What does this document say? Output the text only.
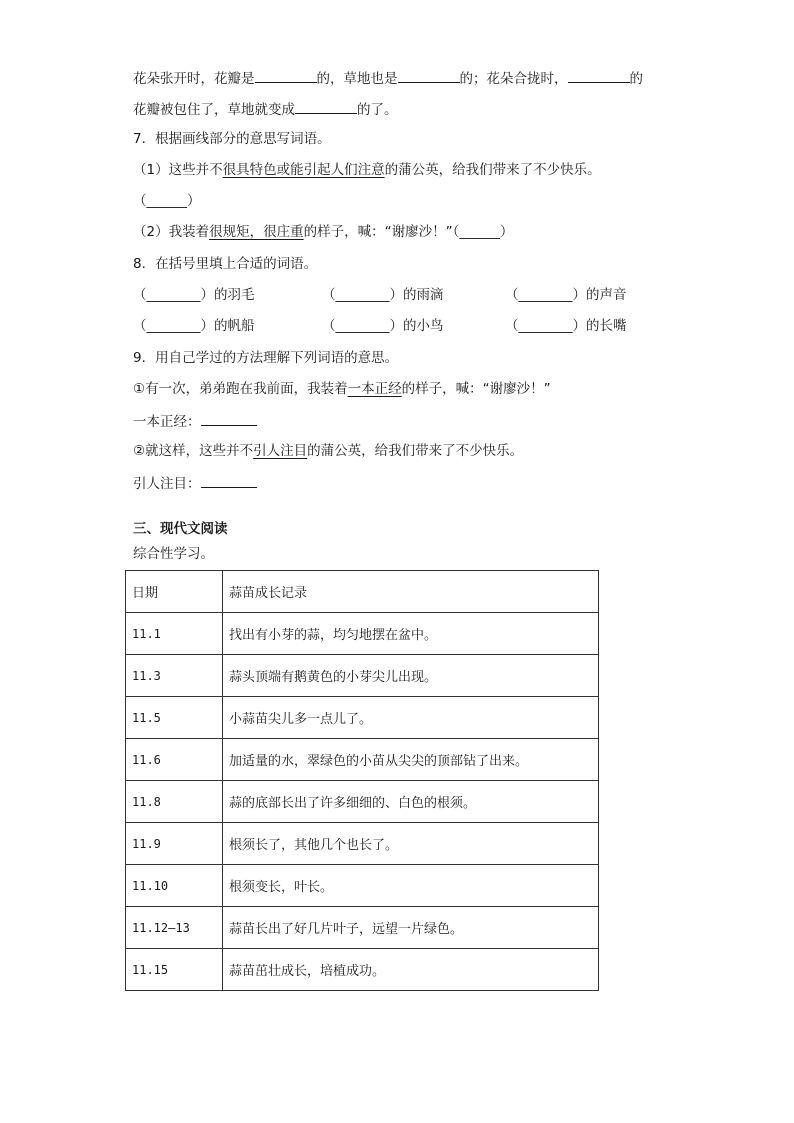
花朵张开时，花瓣是	的，草地也是	的；花朵合拢时，	的
花瓣被包住了，草地就变成	的了。
7．根据画线部分的意思写词语。
（1）这些并不很具特色或能引起人们注意的蒲公英，给我们带来了不少快乐。
（______）
（2）我装着很规矩，很庄重的样子，喊：“谢廖沙！”（______）
8．在括号里填上合适的词语。
（________）的羽毛	（________）的雨滴	（________）的声音
（________）的帆船	（________）的小鸟	（________）的长嘴
9．用自己学过的方法理解下列词语的意思。
①有一次，弟弟跑在我前面，我装着一本正经的样子，喊：“谢廖沙！”
一本正经：
②就这样，这些并不引人注目的蒲公英，给我们带来了不少快乐。
引人注目：
三、现代文阅读
综合性学习。
日期	蒜苗成长记录
11.1	找出有小芽的蒜，均匀地摆在盆中。
11.3	蒜头顶端有鹅黄色的小芽尖儿出现。
11.5	小蒜苗尖儿多一点儿了。
11.6	加适量的水，翠绿色的小苗从尖尖的顶部钻了出来。
11.8	蒜的底部长出了许多细细的、白色的根须。
11.9	根须长了，其他几个也长了。
11.10	根须变长，叶长。
11.12—13	蒜苗长出了好几片叶子，远望一片绿色。
11.15	蒜苗茁壮成长，培植成功。
